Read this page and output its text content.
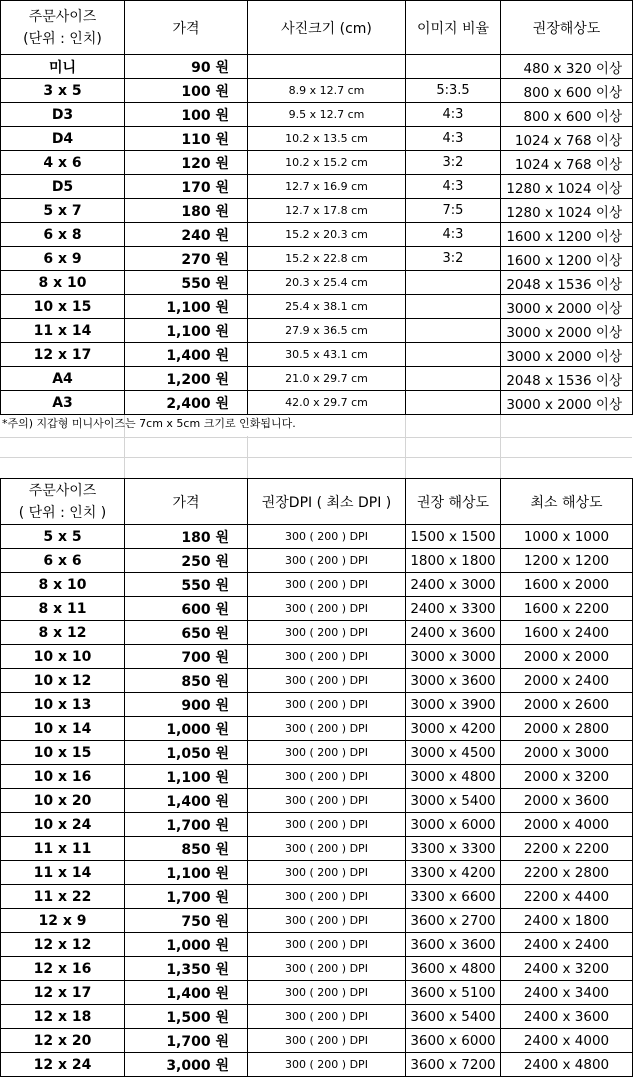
주문사이즈
(단위 : 인치)	가격	사진크기 (cm)	이미지 비율	권장해상도
미니	90 원			480 x 320 이상
3 x 5	100 원	8.9 x 12.7 cm	5:3.5	800 x 600 이상
D3	100 원	9.5 x 12.7 cm	4:3	800 x 600 이상
D4	110 원	10.2 x 13.5 cm	4:3	1024 x 768 이상
4 x 6	120 원	10.2 x 15.2 cm	3:2	1024 x 768 이상
D5	170 원	12.7 x 16.9 cm	4:3	1280 x 1024 이상
5 x 7	180 원	12.7 x 17.8 cm	7:5	1280 x 1024 이상
6 x 8	240 원	15.2 x 20.3 cm	4:3	1600 x 1200 이상
6 x 9	270 원	15.2 x 22.8 cm	3:2	1600 x 1200 이상
8 x 10	550 원	20.3 x 25.4 cm		2048 x 1536 이상
10 x 15	1,100 원	25.4 x 38.1 cm		3000 x 2000 이상
11 x 14	1,100 원	27.9 x 36.5 cm		3000 x 2000 이상
12 x 17	1,400 원	30.5 x 43.1 cm		3000 x 2000 이상
A4	1,200 원	21.0 x 29.7 cm		2048 x 1536 이상
A3	2,400 원	42.0 x 29.7 cm		3000 x 2000 이상
*주의) 지갑형 미니사이즈는 7cm x 5cm 크기로 인화됩니다.
주문사이즈
( 단위 : 인치 )	가격	권장DPI ( 최소 DPI )	권장 해상도	최소 해상도
5 x 5	180 원	300 ( 200 ) DPI	1500 x 1500	1000 x 1000
6 x 6	250 원	300 ( 200 ) DPI	1800 x 1800	1200 x 1200
8 x 10	550 원	300 ( 200 ) DPI	2400 x 3000	1600 x 2000
8 x 11	600 원	300 ( 200 ) DPI	2400 x 3300	1600 x 2200
8 x 12	650 원	300 ( 200 ) DPI	2400 x 3600	1600 x 2400
10 x 10	700 원	300 ( 200 ) DPI	3000 x 3000	2000 x 2000
10 x 12	850 원	300 ( 200 ) DPI	3000 x 3600	2000 x 2400
10 x 13	900 원	300 ( 200 ) DPI	3000 x 3900	2000 x 2600
10 x 14	1,000 원	300 ( 200 ) DPI	3000 x 4200	2000 x 2800
10 x 15	1,050 원	300 ( 200 ) DPI	3000 x 4500	2000 x 3000
10 x 16	1,100 원	300 ( 200 ) DPI	3000 x 4800	2000 x 3200
10 x 20	1,400 원	300 ( 200 ) DPI	3000 x 5400	2000 x 3600
10 x 24	1,700 원	300 ( 200 ) DPI	3000 x 6000	2000 x 4000
11 x 11	850 원	300 ( 200 ) DPI	3300 x 3300	2200 x 2200
11 x 14	1,100 원	300 ( 200 ) DPI	3300 x 4200	2200 x 2800
11 x 22	1,700 원	300 ( 200 ) DPI	3300 x 6600	2200 x 4400
12 x 9	750 원	300 ( 200 ) DPI	3600 x 2700	2400 x 1800
12 x 12	1,000 원	300 ( 200 ) DPI	3600 x 3600	2400 x 2400
12 x 16	1,350 원	300 ( 200 ) DPI	3600 x 4800	2400 x 3200
12 x 17	1,400 원	300 ( 200 ) DPI	3600 x 5100	2400 x 3400
12 x 18	1,500 원	300 ( 200 ) DPI	3600 x 5400	2400 x 3600
12 x 20	1,700 원	300 ( 200 ) DPI	3600 x 6000	2400 x 4000
12 x 24	3,000 원	300 ( 200 ) DPI	3600 x 7200	2400 x 4800
